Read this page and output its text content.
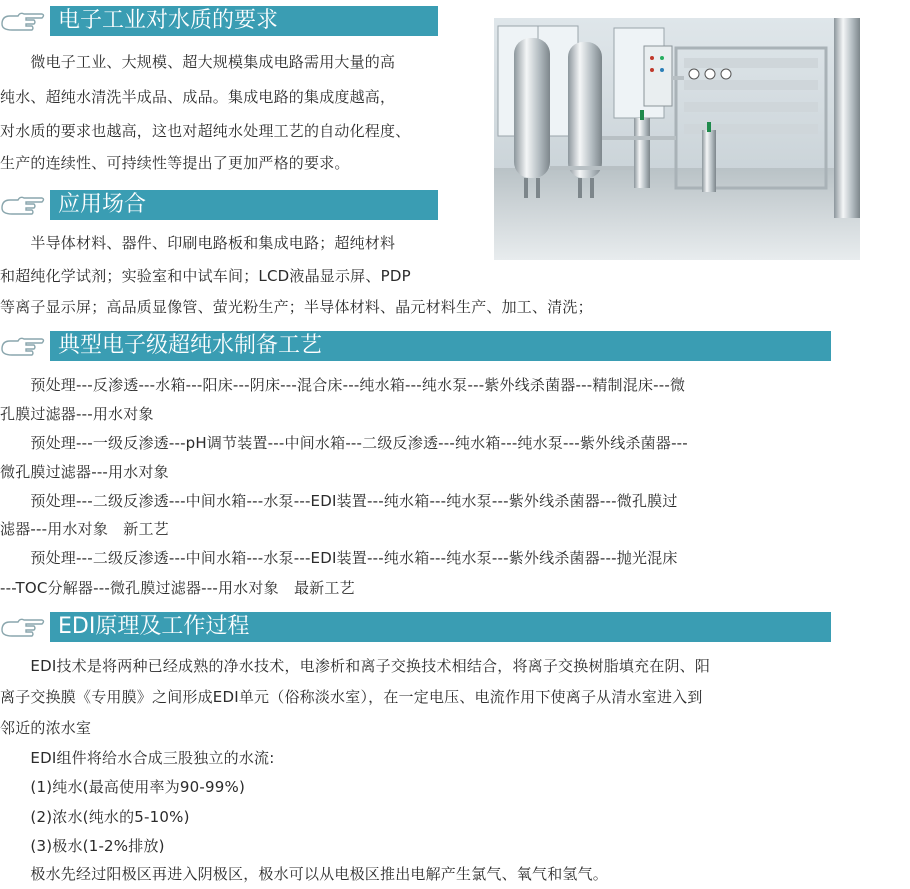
电子工业对水质的要求
　　微电子工业、大规模、超大规模集成电路需用大量的高
纯水、超纯水清洗半成品、成品。集成电路的集成度越高，
对水质的要求也越高，这也对超纯水处理工艺的自动化程度、
生产的连续性、可持续性等提出了更加严格的要求。
应用场合
　　半导体材料、器件、印刷电路板和集成电路；超纯材料
和超纯化学试剂；实验室和中试车间；LCD液晶显示屏、PDP
等离子显示屏；高品质显像管、萤光粉生产；半导体材料、晶元材料生产、加工、清洗；
典型电子级超纯水制备工艺
　　预处理---反渗透---水箱---阳床---阴床---混合床---纯水箱---纯水泵---紫外线杀菌器---精制混床---微
孔膜过滤器---用水对象
　　预处理---一级反渗透---pH调节装置---中间水箱---二级反渗透---纯水箱---纯水泵---紫外线杀菌器---
微孔膜过滤器---用水对象
　　预处理---二级反渗透---中间水箱---水泵---EDI装置---纯水箱---纯水泵---紫外线杀菌器---微孔膜过
滤器---用水对象　新工艺
　　预处理---二级反渗透---中间水箱---水泵---EDI装置---纯水箱---纯水泵---紫外线杀菌器---抛光混床
---TOC分解器---微孔膜过滤器---用水对象　最新工艺
EDI原理及工作过程
　　EDI技术是将两种已经成熟的净水技术，电渗析和离子交换技术相结合，将离子交换树脂填充在阴、阳
离子交换膜《专用膜》之间形成EDI单元（俗称淡水室），在一定电压、电流作用下使离子从清水室进入到
邻近的浓水室
　　EDI组件将给水合成三股独立的水流:
　　(1)纯水(最高使用率为90-99%)
　　(2)浓水(纯水的5-10%)
　　(3)极水(1-2%排放)
　　极水先经过阳极区再进入阴极区，极水可以从电极区推出电解产生氯气、氧气和氢气。
